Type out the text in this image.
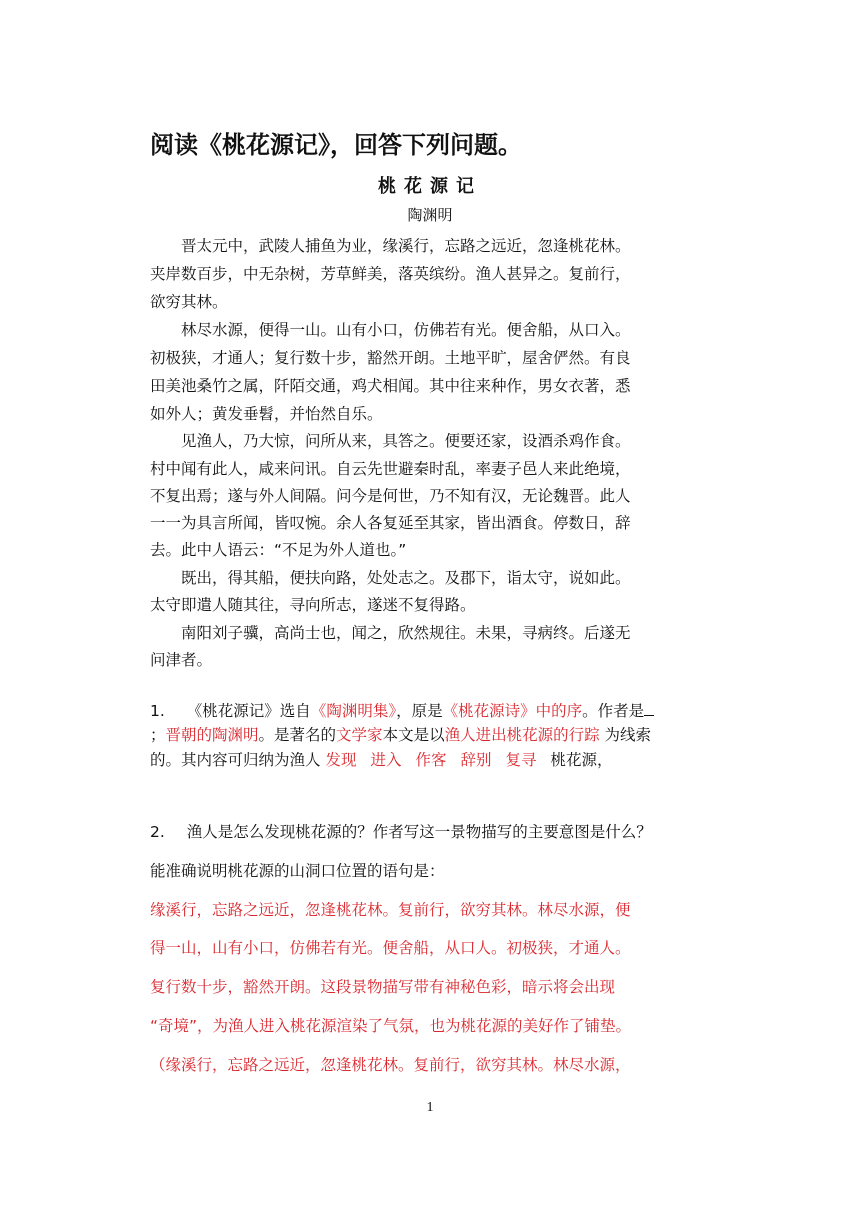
阅读《桃花源记》，回答下列问题。
桃花源记
陶渊明
　　晋太元中，武陵人捕鱼为业，缘溪行，忘路之远近，忽逢桃花林。
夹岸数百步，中无杂树，芳草鲜美，落英缤纷。渔人甚异之。复前行，
欲穷其林。
　　林尽水源，便得一山。山有小口，仿佛若有光。便舍船，从口入。
初极狭，才通人；复行数十步，豁然开朗。土地平旷，屋舍俨然。有良
田美池桑竹之属，阡陌交通，鸡犬相闻。其中往来种作，男女衣著，悉
如外人；黄发垂髫，并怡然自乐。
　　见渔人，乃大惊，问所从来，具答之。便要还家，设酒杀鸡作食。
村中闻有此人，咸来问讯。自云先世避秦时乱，率妻子邑人来此绝境，
不复出焉；遂与外人间隔。问今是何世，乃不知有汉，无论魏晋。此人
一一为具言所闻，皆叹惋。余人各复延至其家，皆出酒食。停数日，辞
去。此中人语云：“不足为外人道也。”
　　既出，得其船，便扶向路，处处志之。及郡下，诣太守，说如此。
太守即遣人随其往，寻向所志，遂迷不复得路。
　　南阳刘子骥，高尚士也，闻之，欣然规往。未果，寻病终。后遂无
问津者。
1. 《桃花源记》选自《陶渊明集》，原是《桃花源诗》中的序。作者是
；晋朝的陶渊明。是著名的文学家本文是以渔人进出桃花源的行踪 为线索
的。其内容可归纳为渔人 发现 进入 作客 辞别 复寻 桃花源，
2. 渔人是怎么发现桃花源的？作者写这一景物描写的主要意图是什么？
能准确说明桃花源的山洞口位置的语句是：
缘溪行，忘路之远近，忽逢桃花林。复前行，欲穷其林。林尽水源，便
得一山，山有小口，仿佛若有光。便舍船，从口人。初极狭，才通人。
复行数十步，豁然开朗。这段景物描写带有神秘色彩，暗示将会出现
“奇境”，为渔人进入桃花源渲染了气氛，也为桃花源的美好作了铺垫。
（缘溪行，忘路之远近，忽逢桃花林。复前行，欲穷其林。林尽水源，
1
